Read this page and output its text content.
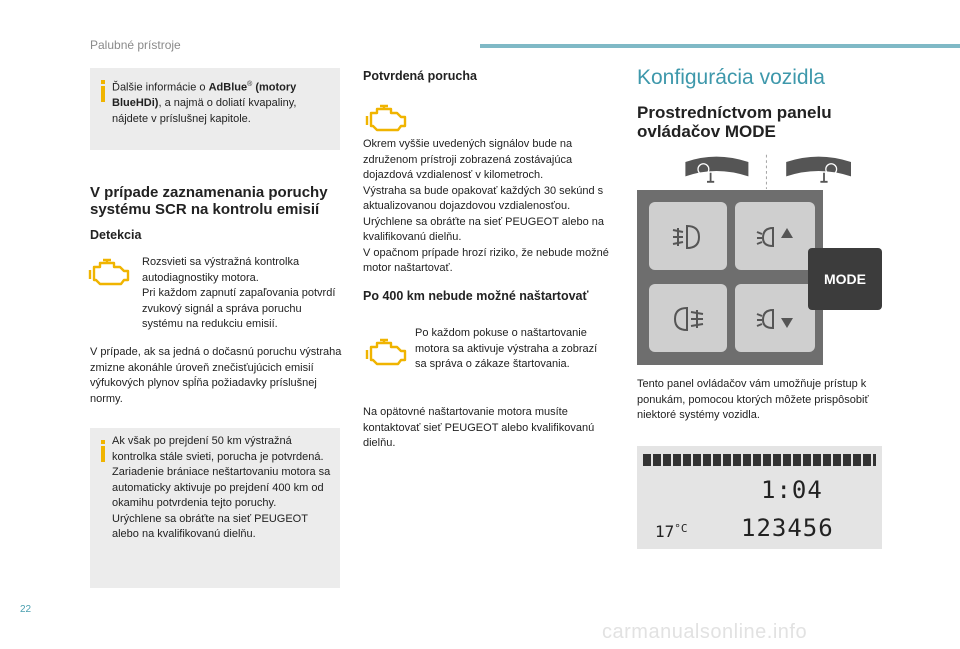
Palubné prístroje
Ďalšie informácie o AdBlue® (motory BlueHDi), a najmä o doliatí kvapaliny, nájdete v príslušnej kapitole.
V prípade zaznamenania poruchy systému SCR na kontrolu emisií
Detekcia
Rozsvieti sa výstražná kontrolka autodiagnostiky motora.
Pri každom zapnutí zapaľovania potvrdí zvukový signál a správa poruchu systému na redukciu emisií.
V prípade, ak sa jedná o dočasnú poruchu výstraha zmizne akonáhle úroveň znečisťujúcich emisií výfukových plynov spĺňa požiadavky príslušnej normy.
Ak však po prejdení 50 km výstražná kontrolka stále svieti, porucha je potvrdená.
Zariadenie bránіace neštartovaniu motora sa automaticky aktivuje po prejdení 400 km od okamihu potvrdenia tejto poruchy.
Urýchlene sa obráťte na sieť PEUGEOT alebo na kvalifikovanú dielňu.
Potvrdená porucha
Okrem vyššie uvedených signálov bude na združenom prístroji zobrazená zostávajúca dojazdová vzdialenosť v kilometroch.
Výstraha sa bude opakovať každých 30 sekúnd s aktualizovanou dojazdovou vzdialenosťou. Urýchlene sa obráťte na sieť PEUGEOT alebo na kvalifikovanú dielňu.
V opačnom prípade hrozí riziko, že nebude možné motor naštartovať.
Po 400 km nebude možné naštartovať
Po každom pokuse o naštartovanie motora sa aktivuje výstraha a zobrazí sa správa o zákaze štartovania.
Na opätovné naštartovanie motora musíte kontaktovať sieť PEUGEOT alebo kvalifikovanú dielňu.
Konfigurácia vozidla
Prostredníctvom panelu ovládačov MODE
MODE
Tento panel ovládačov vám umožňuje prístup k ponukám, pomocou ktorých môžete prispôsobiť niektoré systémy vozidla.
1:04
$17^{^\circ C}$ 123456
22
carmanualsonline.info
